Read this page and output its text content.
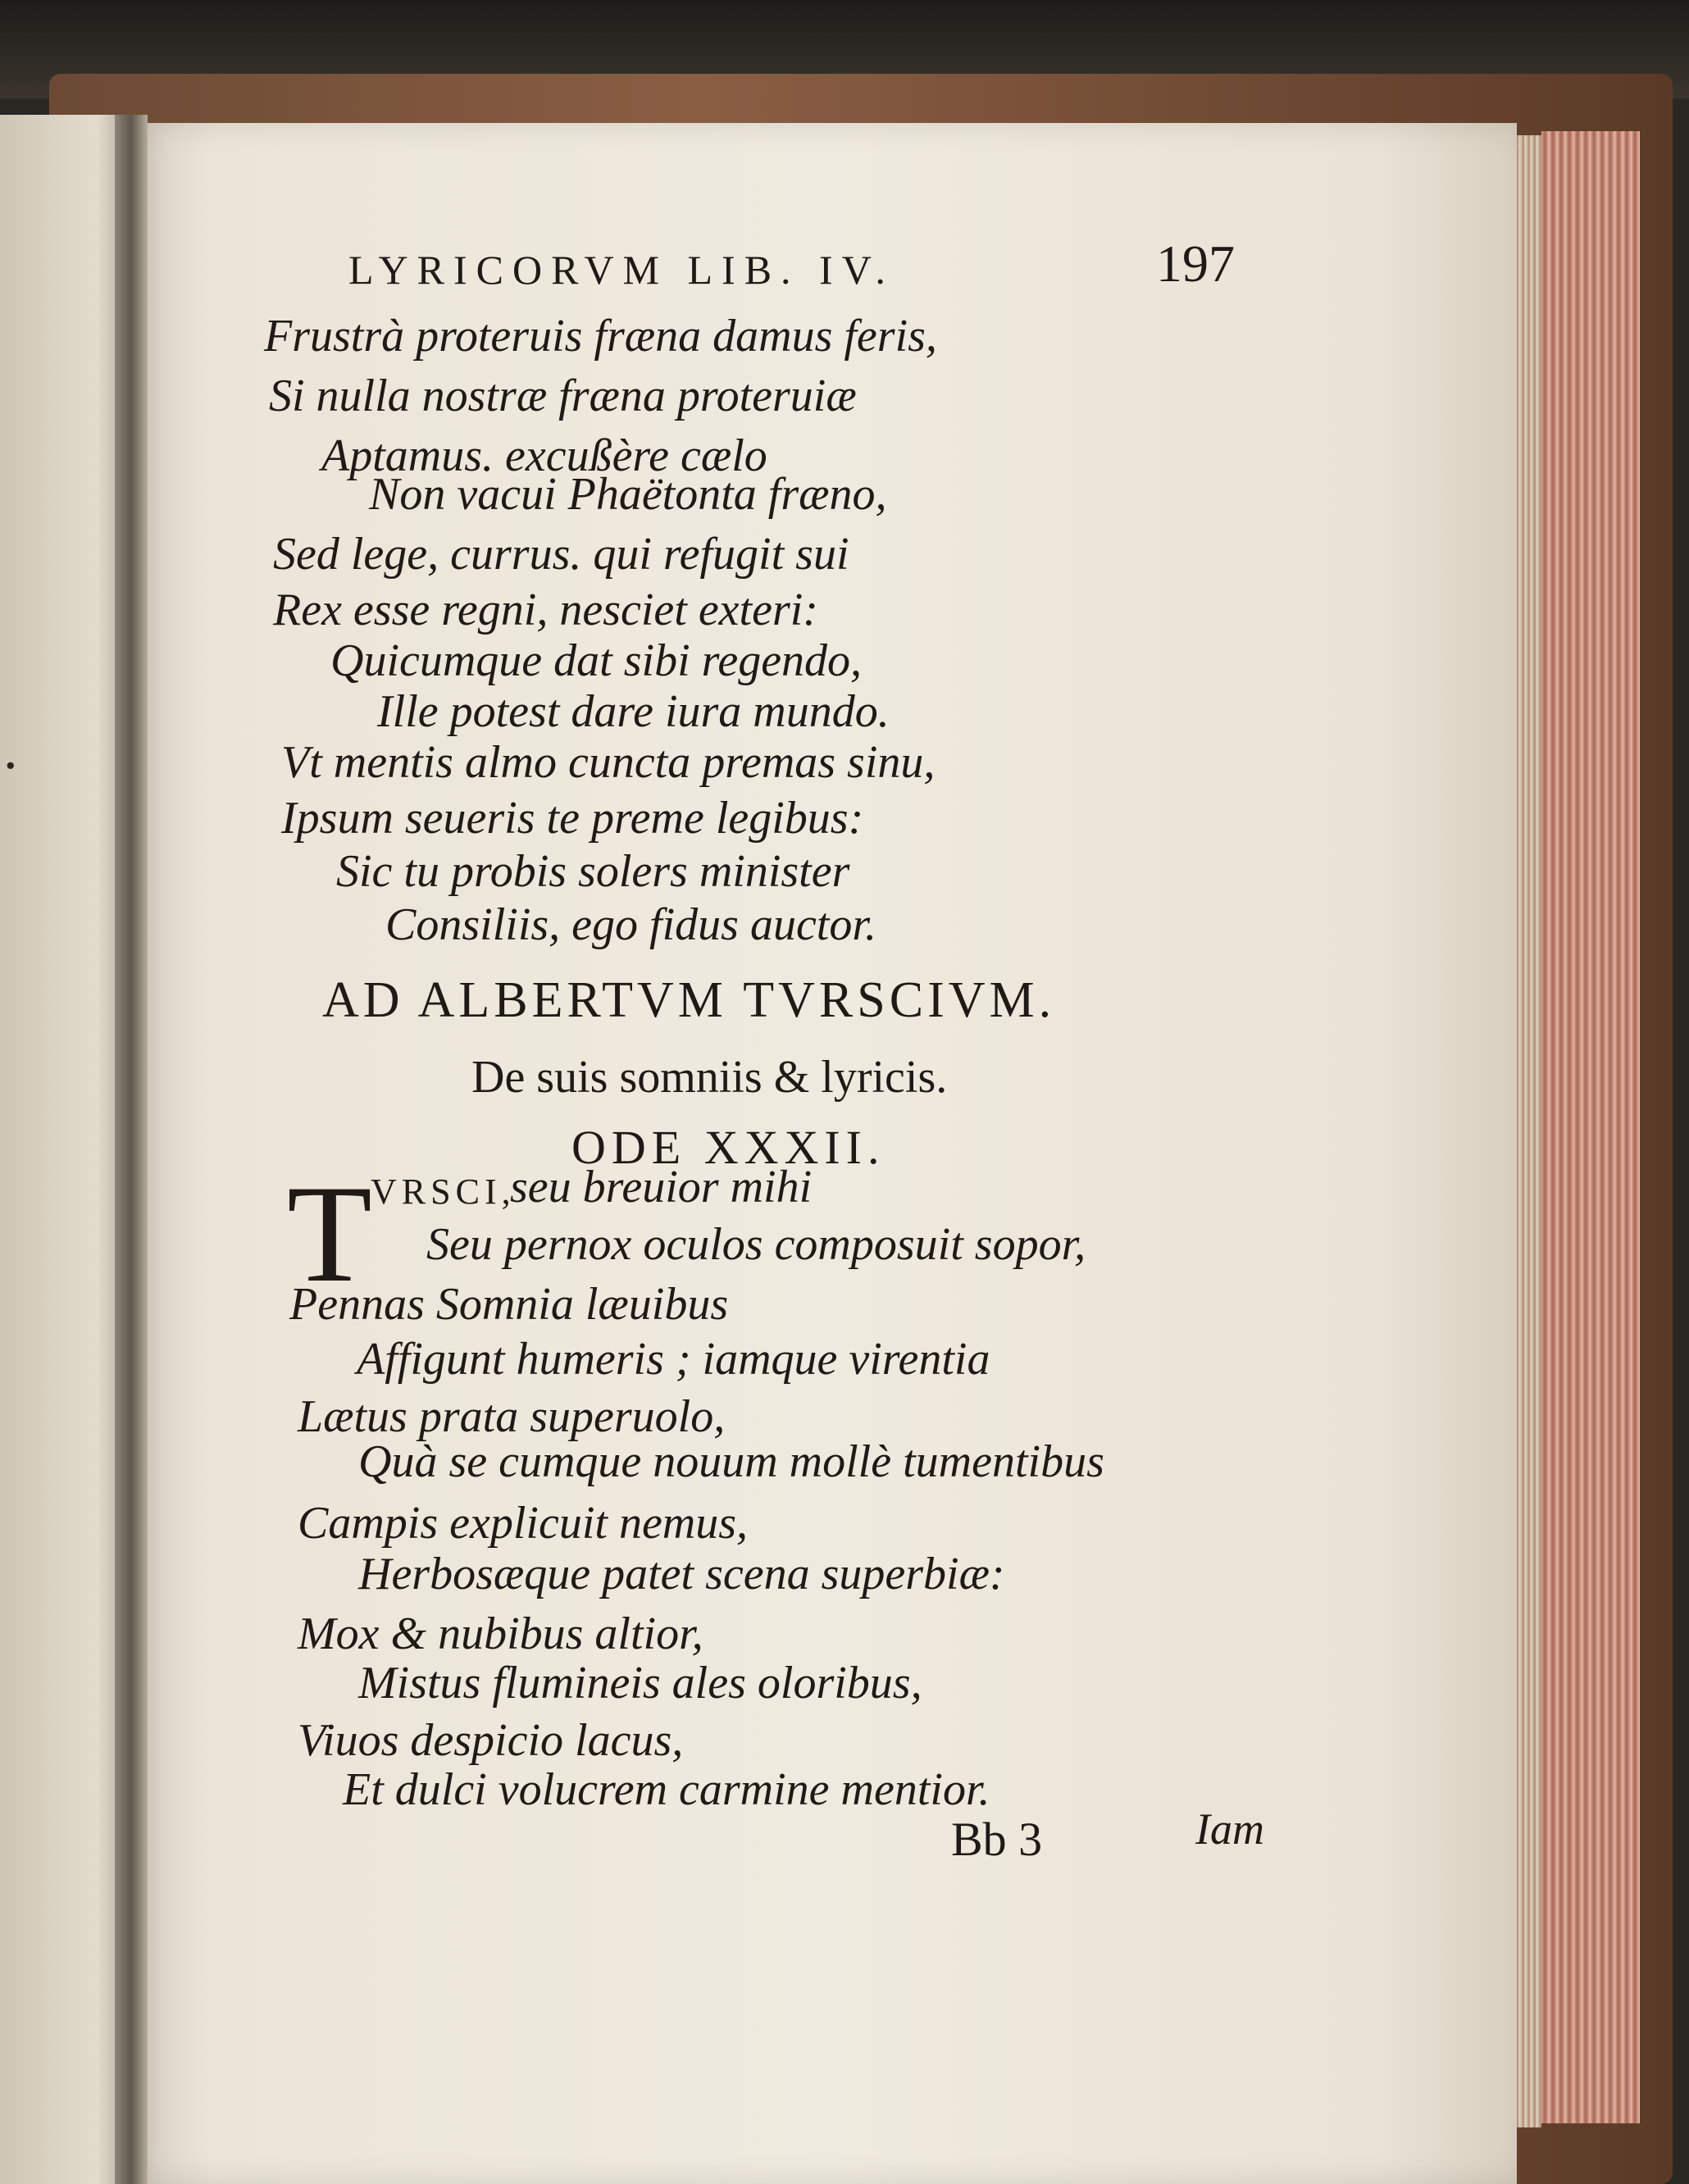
.

LYRICORVM LIB. IV.	197

Frustrà proteruis fræna damus feris,

Si nulla nostræ fræna proteruiæ

Aptamus. excußère cælo

Non vacui Phaëtonta fræno,

Sed lege, currus. qui refugit sui

Rex esse regni, nesciet exteri:

Quicumque dat sibi regendo,

Ille potest dare iura mundo.

Vt mentis almo cuncta premas sinu,

Ipsum seueris te preme legibus:

Sic tu probis solers minister

Consiliis, ego fidus auctor.

AD ALBERTVM TVRSCIVM.

De suis somniis & lyricis.

ODE XXXII.

T

VRSCI,

seu breuior mihi

Seu pernox oculos composuit sopor,

Pennas Somnia læuibus

Affigunt humeris ; iamque virentia

Lætus prata superuolo,

Quà se cumque nouum mollè tumentibus

Campis explicuit nemus,

Herbosæque patet scena superbiæ:

Mox & nubibus altior,

Mistus flumineis ales oloribus,

Viuos despicio lacus,

Et dulci volucrem carmine mentior.

Bb 3	Iam
